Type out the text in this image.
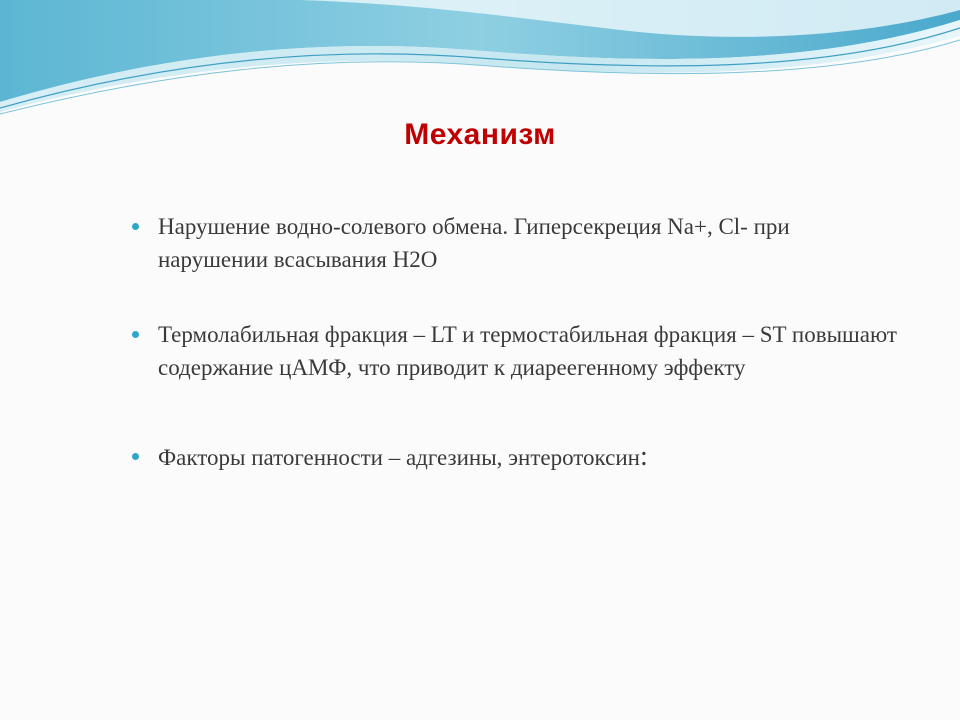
Механизм
Нарушение водно-солевого обмена. Гиперсекреция Na+, Cl- при нарушении всасывания H2O
Термолабильная фракция – LT и термостабильная фракция – ST повышают содержание цАМФ, что приводит к диареегенному эффекту
Факторы патогенности – адгезины, энтеротоксин:
